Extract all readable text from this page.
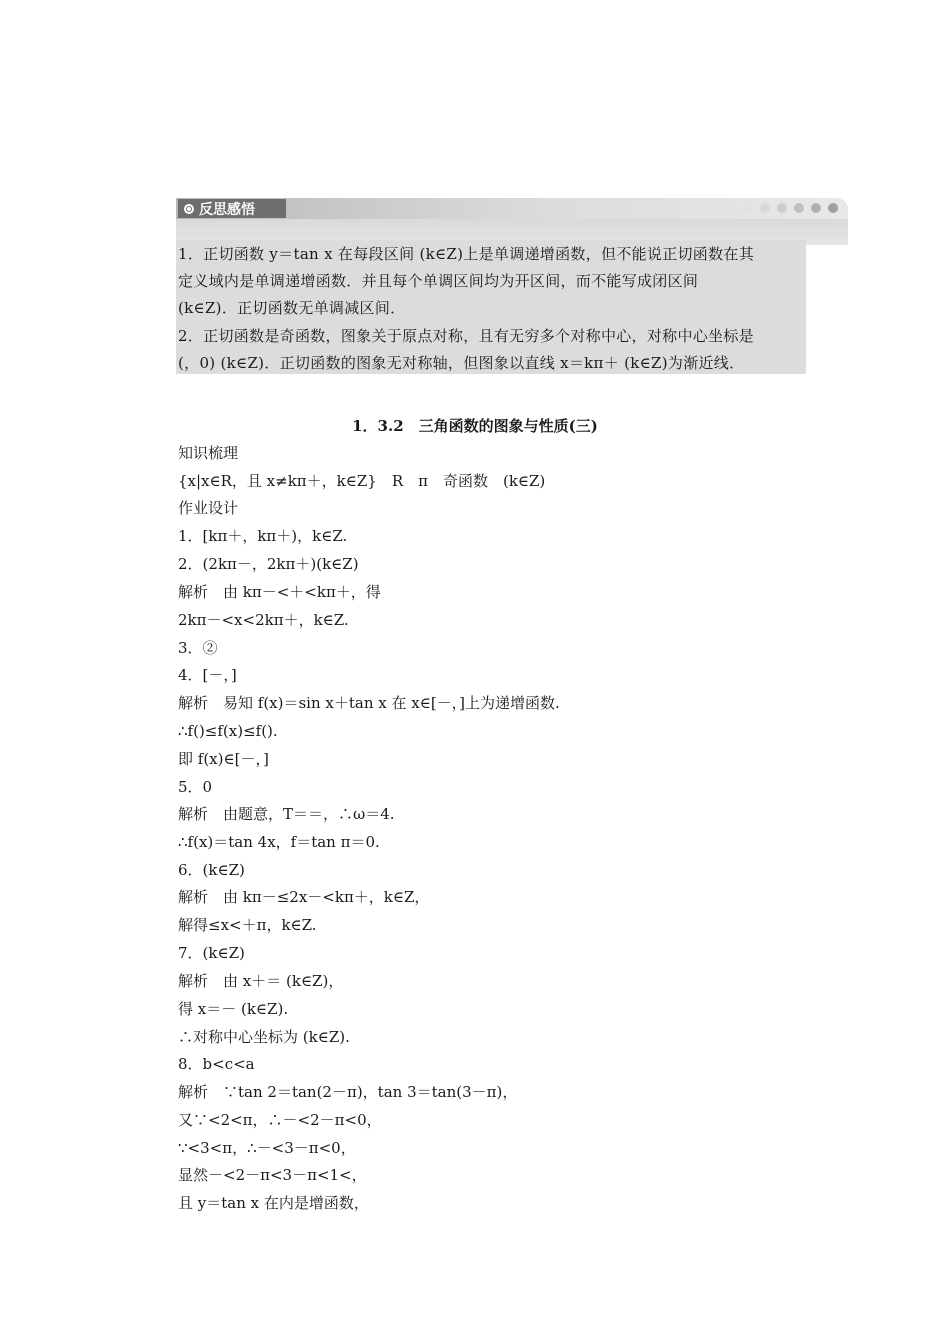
反思感悟
1．正切函数 y＝tan x 在每段区间 (k∈Z)上是单调递增函数，但不能说正切函数在其
定义域内是单调递增函数．并且每个单调区间均为开区间，而不能写成闭区间
(k∈Z)．正切函数无单调减区间．
2．正切函数是奇函数，图象关于原点对称，且有无穷多个对称中心，对称中心坐标是
(，0) (k∈Z)．正切函数的图象无对称轴，但图象以直线 x＝kπ＋ (k∈Z)为渐近线．
1．3.2　三角函数的图象与性质(三)
知识梳理
{x|x∈R，且 x≠kπ＋，k∈Z}　R　π　奇函数　(k∈Z)
作业设计
1．[kπ＋，kπ＋)，k∈Z.
2．(2kπ－，2kπ＋)(k∈Z)
解析　由 kπ－<＋<kπ＋，得
2kπ－<x<2kπ＋，k∈Z.
3．②
4．[－，]
解析　易知 f(x)＝sin x＋tan x 在 x∈[－，]上为递增函数.
∴f()≤f(x)≤f().
即 f(x)∈[－，]
5．0
解析　由题意，T＝＝，∴ω＝4.
∴f(x)＝tan 4x，f＝tan π＝0.
6．(k∈Z)
解析　由 kπ－≤2x－<kπ＋，k∈Z，
解得≤x<＋π，k∈Z.
7．(k∈Z)
解析　由 x＋＝ (k∈Z)，
得 x＝－ (k∈Z).
∴对称中心坐标为 (k∈Z).
8．b<c<a
解析　∵tan 2＝tan(2－π)，tan 3＝tan(3－π)，
又∵<2<π，∴－<2－π<0，
∵<3<π，∴－<3－π<0，
显然－<2－π<3－π<1<，
且 y＝tan x 在内是增函数，
